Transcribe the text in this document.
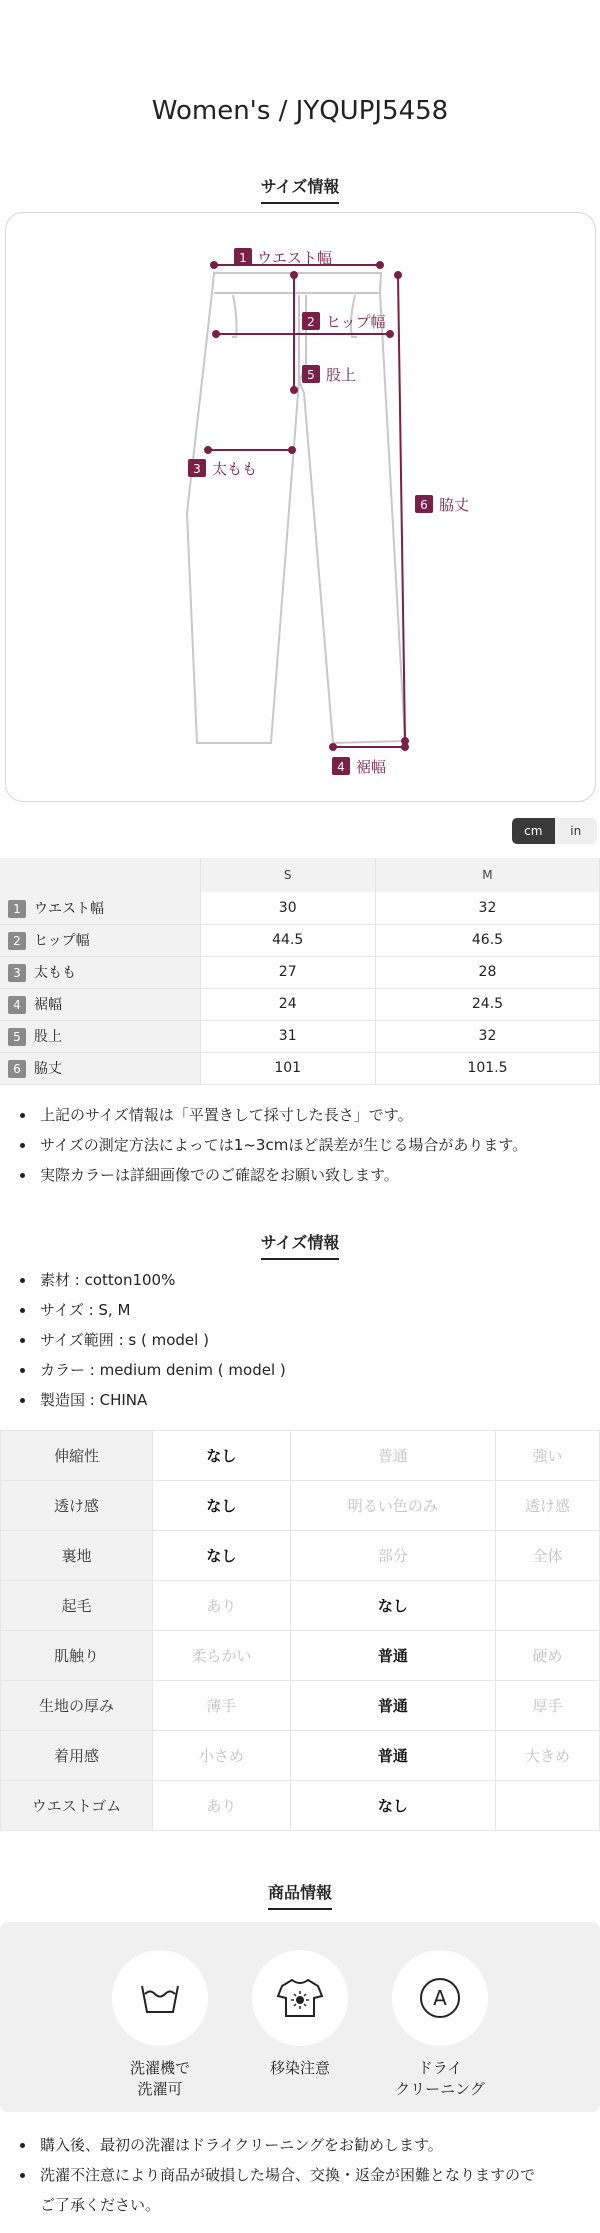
Women's / JYQUPJ5458
サイズ情報
1 ウエスト幅
2 ヒップ幅
5 股上
3 太もも
6 脇丈
4 裾幅
cm	in
	S	M
1 ウエスト幅	30	32
2 ヒップ幅	44.5	46.5
3 太もも	27	28
4 裾幅	24	24.5
5 股上	31	32
6 脇丈	101	101.5
上記のサイズ情報は「平置きして採寸した長さ」です。
サイズの測定方法によっては1~3cmほど誤差が生じる場合があります。
実際カラーは詳細画像でのご確認をお願い致します。
サイズ情報
素材 : cotton100%
サイズ : S, M
サイズ範囲 : s ( model )
カラー : medium denim ( model )
製造国 : CHINA
伸縮性	なし	普通	強い
透け感	なし	明るい色のみ	透け感
裏地	なし	部分	全体
起毛	あり	なし	
肌触り	柔らかい	普通	硬め
生地の厚み	薄手	普通	厚手
着用感	小さめ	普通	大きめ
ウエストゴム	あり	なし	
商品情報
洗濯機で
洗濯可
移染注意
A
ドライ
クリーニング
購入後、最初の洗濯はドライクリーニングをお勧めします。
洗濯不注意により商品が破損した場合、交換・返金が困難となりますので
ご了承ください。
